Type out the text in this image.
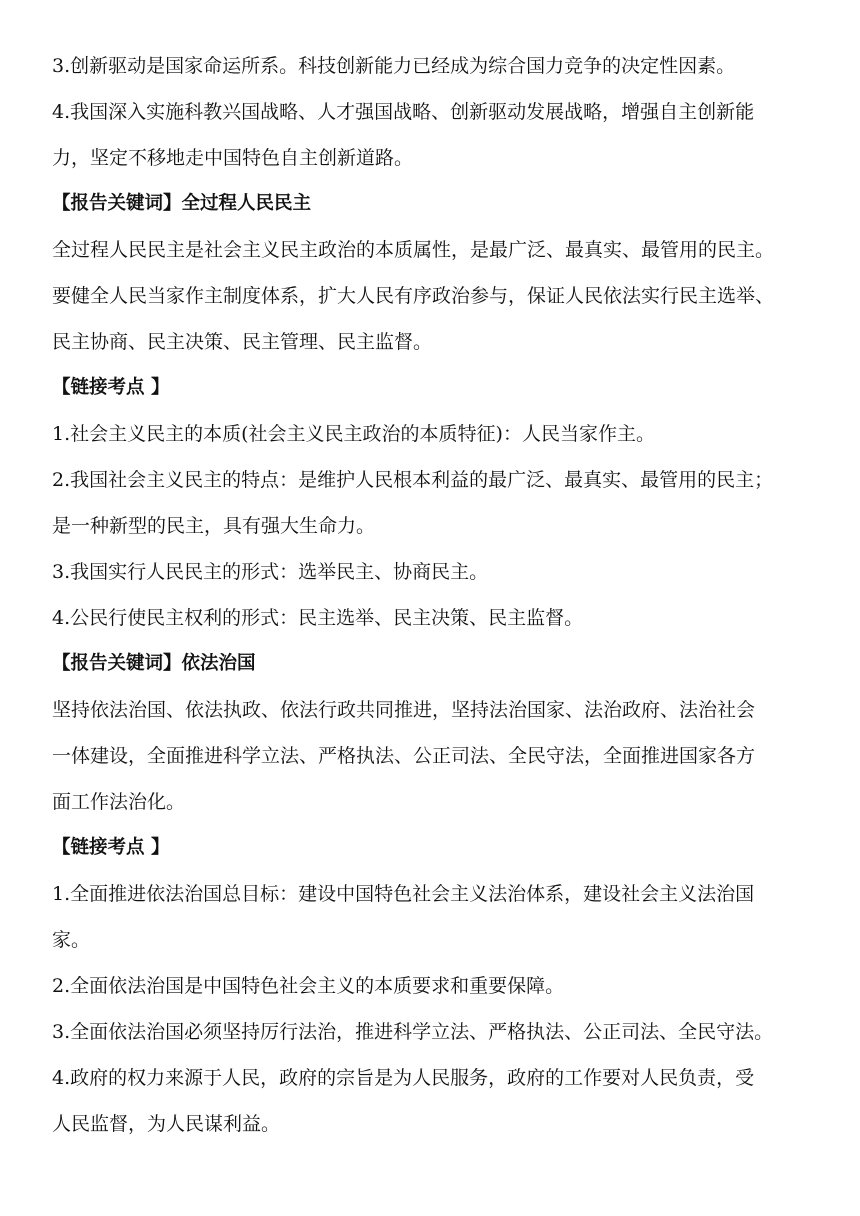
3.创新驱动是国家命运所系。科技创新能力已经成为综合国力竞争的决定性因素。
4.我国深入实施科教兴国战略、人才强国战略、创新驱动发展战略，增强自主创新能
力，坚定不移地走中国特色自主创新道路。
【报告关键词】全过程人民民主
全过程人民民主是社会主义民主政治的本质属性，是最广泛、最真实、最管用的民主。
要健全人民当家作主制度体系，扩大人民有序政治参与，保证人民依法实行民主选举、
民主协商、民主决策、民主管理、民主监督。
【链接考点 】
1.社会主义民主的本质(社会主义民主政治的本质特征)：人民当家作主。
2.我国社会主义民主的特点：是维护人民根本利益的最广泛、最真实、最管用的民主；
是一种新型的民主，具有强大生命力。
3.我国实行人民民主的形式：选举民主、协商民主。
4.公民行使民主权利的形式：民主选举、民主决策、民主监督。
【报告关键词】依法治国
坚持依法治国、依法执政、依法行政共同推进，坚持法治国家、法治政府、法治社会
一体建设，全面推进科学立法、严格执法、公正司法、全民守法，全面推进国家各方
面工作法治化。
【链接考点 】
1.全面推进依法治国总目标：建设中国特色社会主义法治体系，建设社会主义法治国
家。
2.全面依法治国是中国特色社会主义的本质要求和重要保障。
3.全面依法治国必须坚持厉行法治，推进科学立法、严格执法、公正司法、全民守法。
4.政府的权力来源于人民，政府的宗旨是为人民服务，政府的工作要对人民负责，受
人民监督，为人民谋利益。
